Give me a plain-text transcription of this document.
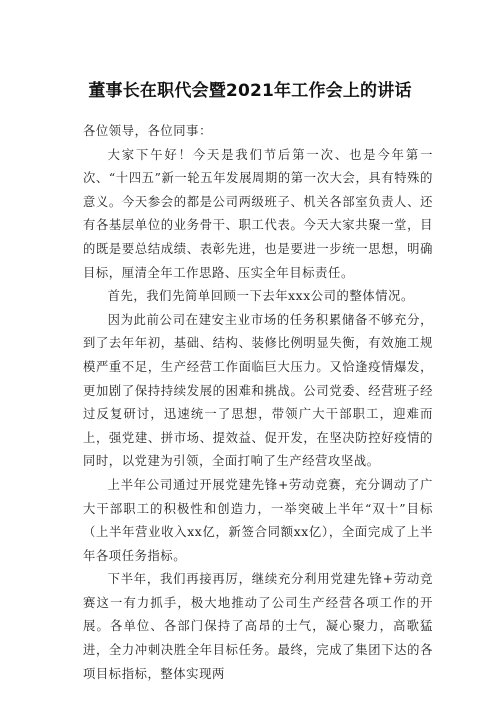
董事长在职代会暨2021年工作会上的讲话

各位领导，各位同事：

大家下午好！今天是我们节后第一次、也是今年第一次、“十四五”新一轮五年发展周期的第一次大会，具有特殊的意义。今天参会的都是公司两级班子、机关各部室负责人、还有各基层单位的业务骨干、职工代表。今天大家共聚一堂，目的既是要总结成绩、表彰先进，也是要进一步统一思想，明确目标，厘清全年工作思路、压实全年目标责任。

首先，我们先简单回顾一下去年xxx公司的整体情况。

因为此前公司在建安主业市场的任务积累储备不够充分，到了去年年初，基础、结构、装修比例明显失衡，有效施工规模严重不足，生产经营工作面临巨大压力。又恰逢疫情爆发，更加剧了保持持续发展的困难和挑战。公司党委、经营班子经过反复研讨，迅速统一了思想，带领广大干部职工，迎难而上，强党建、拼市场、提效益、促开发，在坚决防控好疫情的同时，以党建为引领，全面打响了生产经营攻坚战。

上半年公司通过开展党建先锋+劳动竞赛，充分调动了广大干部职工的积极性和创造力，一举突破上半年“双十”目标（上半年营业收入xx亿，新签合同额xx亿），全面完成了上半年各项任务指标。

下半年，我们再接再厉，继续充分利用党建先锋+劳动竞赛这一有力抓手，极大地推动了公司生产经营各项工作的开展。各单位、各部门保持了高昂的士气，凝心聚力，高歌猛进，全力冲刺决胜全年目标任务。最终，完成了集团下达的各项目标指标，整体实现两
